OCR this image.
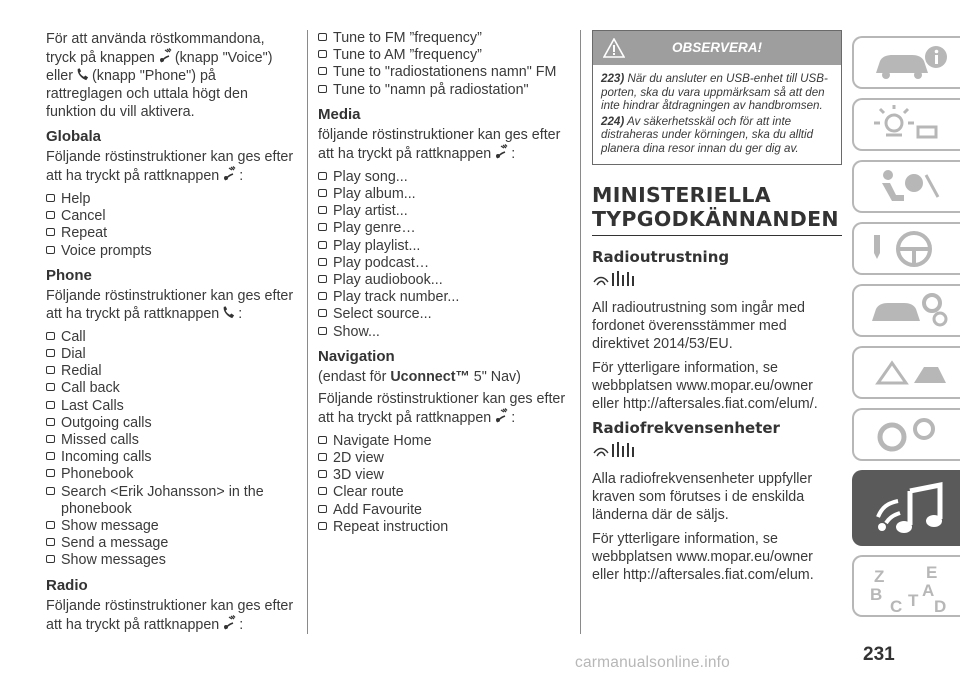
För att använda röstkommandona, tryck på knappen (knapp "Voice") eller (knapp "Phone") på rattreglagen och uttala högt den funktion du vill aktivera.

Globala

Följande röstinstruktioner kan ges efter att ha tryckt på rattknappen :

Help
Cancel
Repeat
Voice prompts
Phone

Följande röstinstruktioner kan ges efter att ha tryckt på rattknappen :

Call
Dial
Redial
Call back
Last Calls
Outgoing calls
Missed calls
Incoming calls
Phonebook
Search <Erik Johansson> in the phonebook
Show message
Send a message
Show messages
Radio

Följande röstinstruktioner kan ges efter att ha tryckt på rattknappen :

Tune to FM ”frequency”
Tune to AM ”frequency”
Tune to "radiostationens namn" FM
Tune to "namn på radiostation"
Media

följande röstinstruktioner kan ges efter att ha tryckt på rattknappen :

Play song...
Play album...
Play artist...
Play genre…
Play playlist...
Play podcast…
Play audiobook...
Play track number...
Select source...
Show...
Navigation

(endast för Uconnect™ 5" Nav)

Följande röstinstruktioner kan ges efter att ha tryckt på rattknappen :

Navigate Home
2D view
3D view
Clear route
Add Favourite
Repeat instruction
OBSERVERA!

223) När du ansluter en USB-enhet till USB-porten, ska du vara uppmärksam så att den inte hindrar åtdragningen av handbromsen.

224) Av säkerhetsskäl och för att inte distraheras under körningen, ska du alltid planera dina resor innan du ger dig av.

MINISTERIELLA
TYPGODKÄNNANDEN
Radioutrustning

All radioutrustning som ingår med fordonet överensstämmer med direktivet 2014/53/EU.

För ytterligare information, se webbplatsen www.mopar.eu/owner eller http://aftersales.fiat.com/elum/.

Radiofrekvensenheter

Alla radiofrekvensenheter uppfyller kraven som förutses i de enskilda länderna där de säljs.

För ytterligare information, se webbplatsen www.mopar.eu/owner eller http://aftersales.fiat.com/elum.	Z E
B A
C T D
231
carmanualsonline.info
